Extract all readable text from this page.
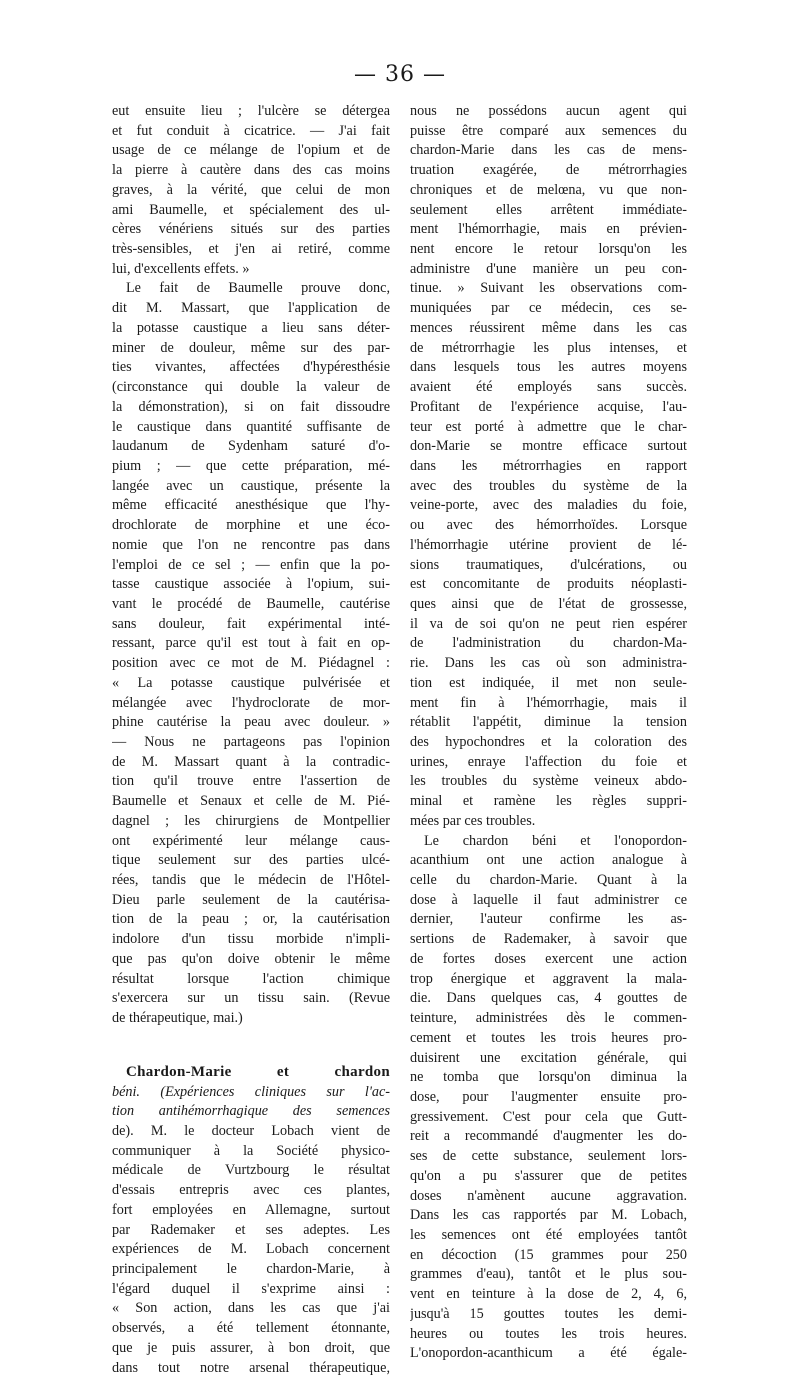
— 36 —
eut ensuite lieu ; l'ulcère se détergea
et fut conduit à cicatrice. — J'ai fait
usage de ce mélange de l'opium et de
la pierre à cautère dans des cas moins
graves, à la vérité, que celui de mon
ami Baumelle, et spécialement des ul-
cères vénériens situés sur des parties
très-sensibles, et j'en ai retiré, comme
lui, d'excellents effets. »
Le fait de Baumelle prouve donc,
dit M. Massart, que l'application de
la potasse caustique a lieu sans déter-
miner de douleur, même sur des par-
ties vivantes, affectées d'hypéresthésie
(circonstance qui double la valeur de
la démonstration), si on fait dissoudre
le caustique dans quantité suffisante de
laudanum de Sydenham saturé d'o-
pium ; — que cette préparation, mé-
langée avec un caustique, présente la
même efficacité anesthésique que l'hy-
drochlorate de morphine et une éco-
nomie que l'on ne rencontre pas dans
l'emploi de ce sel ; — enfin que la po-
tasse caustique associée à l'opium, sui-
vant le procédé de Baumelle, cautérise
sans douleur, fait expérimental inté-
ressant, parce qu'il est tout à fait en op-
position avec ce mot de M. Piédagnel :
« La potasse caustique pulvérisée et
mélangée avec l'hydroclorate de mor-
phine cautérise la peau avec douleur. »
— Nous ne partageons pas l'opinion
de M. Massart quant à la contradic-
tion qu'il trouve entre l'assertion de
Baumelle et Senaux et celle de M. Pié-
dagnel ; les chirurgiens de Montpellier
ont expérimenté leur mélange caus-
tique seulement sur des parties ulcé-
rées, tandis que le médecin de l'Hôtel-
Dieu parle seulement de la cautérisa-
tion de la peau ; or, la cautérisation
indolore d'un tissu morbide n'impli-
que pas qu'on doive obtenir le même
résultat lorsque l'action chimique
s'exercera sur un tissu sain. (Revue
de thérapeutique, mai.)
Chardon-Marie et chardon
béni. (Expériences cliniques sur l'ac-
tion antihémorrhagique des semences
de). M. le docteur Lobach vient de
communiquer à la Société physico-
médicale de Vurtzbourg le résultat
d'essais entrepris avec ces plantes,
fort employées en Allemagne, surtout
par Rademaker et ses adeptes. Les
expériences de M. Lobach concernent
principalement le chardon-Marie, à
l'égard duquel il s'exprime ainsi :
« Son action, dans les cas que j'ai
observés, a été tellement étonnante,
que je puis assurer, à bon droit, que
dans tout notre arsenal thérapeutique,
nous ne possédons aucun agent qui
puisse être comparé aux semences du
chardon-Marie dans les cas de mens-
truation exagérée, de métrorrhagies
chroniques et de melœna, vu que non-
seulement elles arrêtent immédiate-
ment l'hémorrhagie, mais en prévien-
nent encore le retour lorsqu'on les
administre d'une manière un peu con-
tinue. » Suivant les observations com-
muniquées par ce médecin, ces se-
mences réussirent même dans les cas
de métrorrhagie les plus intenses, et
dans lesquels tous les autres moyens
avaient été employés sans succès.
Profitant de l'expérience acquise, l'au-
teur est porté à admettre que le char-
don-Marie se montre efficace surtout
dans les métrorrhagies en rapport
avec des troubles du système de la
veine-porte, avec des maladies du foie,
ou avec des hémorrhoïdes. Lorsque
l'hémorrhagie utérine provient de lé-
sions traumatiques, d'ulcérations, ou
est concomitante de produits néoplasti-
ques ainsi que de l'état de grossesse,
il va de soi qu'on ne peut rien espérer
de l'administration du chardon-Ma-
rie. Dans les cas où son administra-
tion est indiquée, il met non seule-
ment fin à l'hémorrhagie, mais il
rétablit l'appétit, diminue la tension
des hypochondres et la coloration des
urines, enraye l'affection du foie et
les troubles du système veineux abdo-
minal et ramène les règles suppri-
mées par ces troubles.
Le chardon béni et l'onopordon-
acanthium ont une action analogue à
celle du chardon-Marie. Quant à la
dose à laquelle il faut administrer ce
dernier, l'auteur confirme les as-
sertions de Rademaker, à savoir que
de fortes doses exercent une action
trop énergique et aggravent la mala-
die. Dans quelques cas, 4 gouttes de
teinture, administrées dès le commen-
cement et toutes les trois heures pro-
duisirent une excitation générale, qui
ne tomba que lorsqu'on diminua la
dose, pour l'augmenter ensuite pro-
gressivement. C'est pour cela que Gutt-
reit a recommandé d'augmenter les do-
ses de cette substance, seulement lors-
qu'on a pu s'assurer que de petites
doses n'amènent aucune aggravation.
Dans les cas rapportés par M. Lobach,
les semences ont été employées tantôt
en décoction (15 grammes pour 250
grammes d'eau), tantôt et le plus sou-
vent en teinture à la dose de 2, 4, 6,
jusqu'à 15 gouttes toutes les demi-
heures ou toutes les trois heures.
L'onopordon-acanthicum a été égale-
